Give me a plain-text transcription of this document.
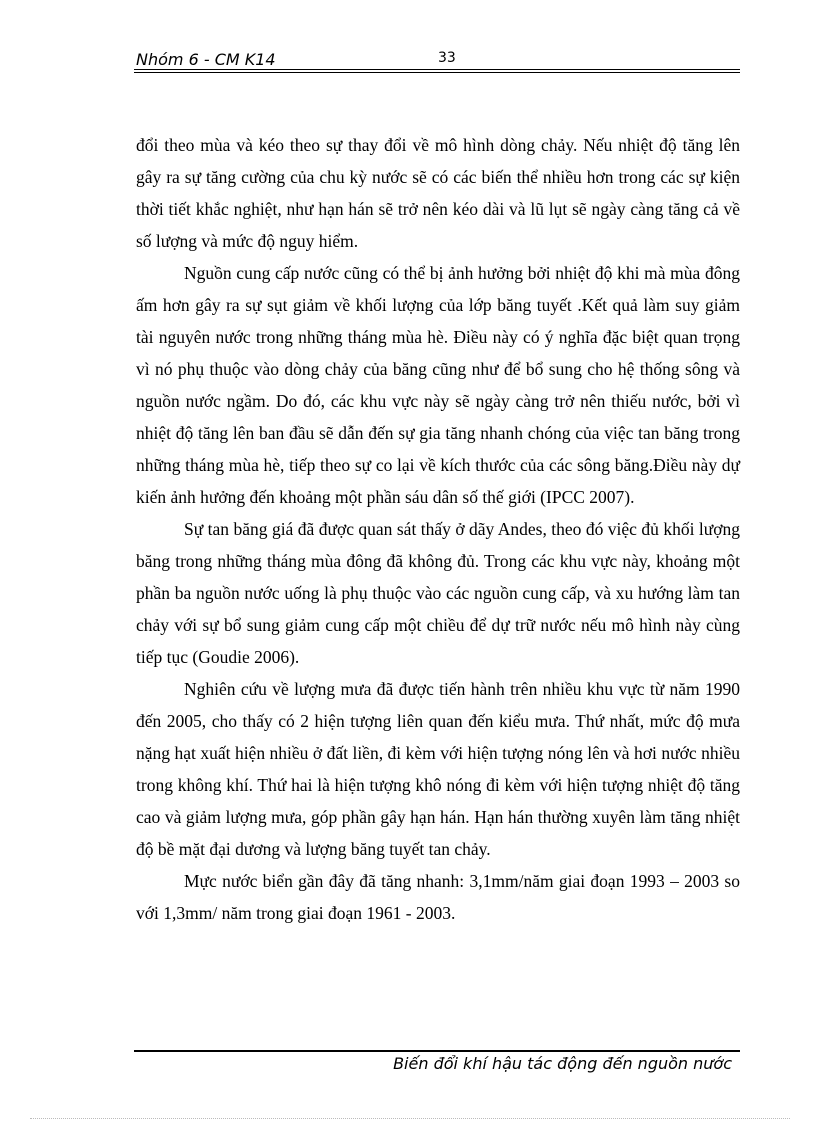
Nhóm 6 - CM K14	33

đổi theo mùa và kéo theo sự thay đổi về mô hình dòng chảy. Nếu nhiệt độ tăng lên gây ra sự tăng cường của chu kỳ nước sẽ có các biến thể nhiều hơn trong các sự kiện thời tiết khắc nghiệt, như hạn hán sẽ trở nên kéo dài và lũ lụt sẽ ngày càng tăng cả về số lượng và mức độ nguy hiểm.

Nguồn cung cấp nước cũng có thể bị ảnh hưởng bởi nhiệt độ khi mà mùa đông ấm hơn gây ra sự sụt giảm về khối lượng của lớp băng tuyết .Kết quả làm suy giảm tài nguyên nước trong những tháng mùa hè. Điều này có ý nghĩa đặc biệt quan trọng vì nó phụ thuộc vào dòng chảy của băng cũng như để bổ sung cho hệ thống sông và nguồn nước ngầm. Do đó, các khu vực này sẽ ngày càng trở nên thiếu nước, bởi vì nhiệt độ tăng lên ban đầu sẽ dẫn đến sự gia tăng nhanh chóng của việc tan băng trong những tháng mùa hè, tiếp theo sự co lại về kích thước của các sông băng.Điều này dự kiến ảnh hưởng đến khoảng một phần sáu dân số thế giới (IPCC 2007).

Sự tan băng giá đã được quan sát thấy ở dãy Andes, theo đó việc đủ khối lượng băng trong những tháng mùa đông đã không đủ. Trong các khu vực này, khoảng một phần ba nguồn nước uống là phụ thuộc vào các nguồn cung cấp, và xu hướng làm tan chảy với sự bổ sung giảm cung cấp một chiều để dự trữ nước nếu mô hình này cùng tiếp tục (Goudie 2006).

Nghiên cứu về lượng mưa đã được tiến hành trên nhiều khu vực từ năm 1990 đến 2005, cho thấy có 2 hiện tượng liên quan đến kiểu mưa. Thứ nhất, mức độ mưa nặng hạt xuất hiện nhiều ở đất liền, đi kèm với hiện tượng nóng lên và hơi nước nhiều trong không khí. Thứ hai là hiện tượng khô nóng đi kèm với hiện tượng nhiệt độ tăng cao và giảm lượng mưa, góp phần gây hạn hán. Hạn hán thường xuyên làm tăng nhiệt độ bề mặt đại dương và lượng băng tuyết tan chảy.

Mực nước biển gần đây đã tăng nhanh: 3,1mm/năm giai đoạn 1993 – 2003 so với 1,3mm/ năm trong giai đoạn 1961 - 2003.

Biến đổi khí hậu tác động đến nguồn nước
